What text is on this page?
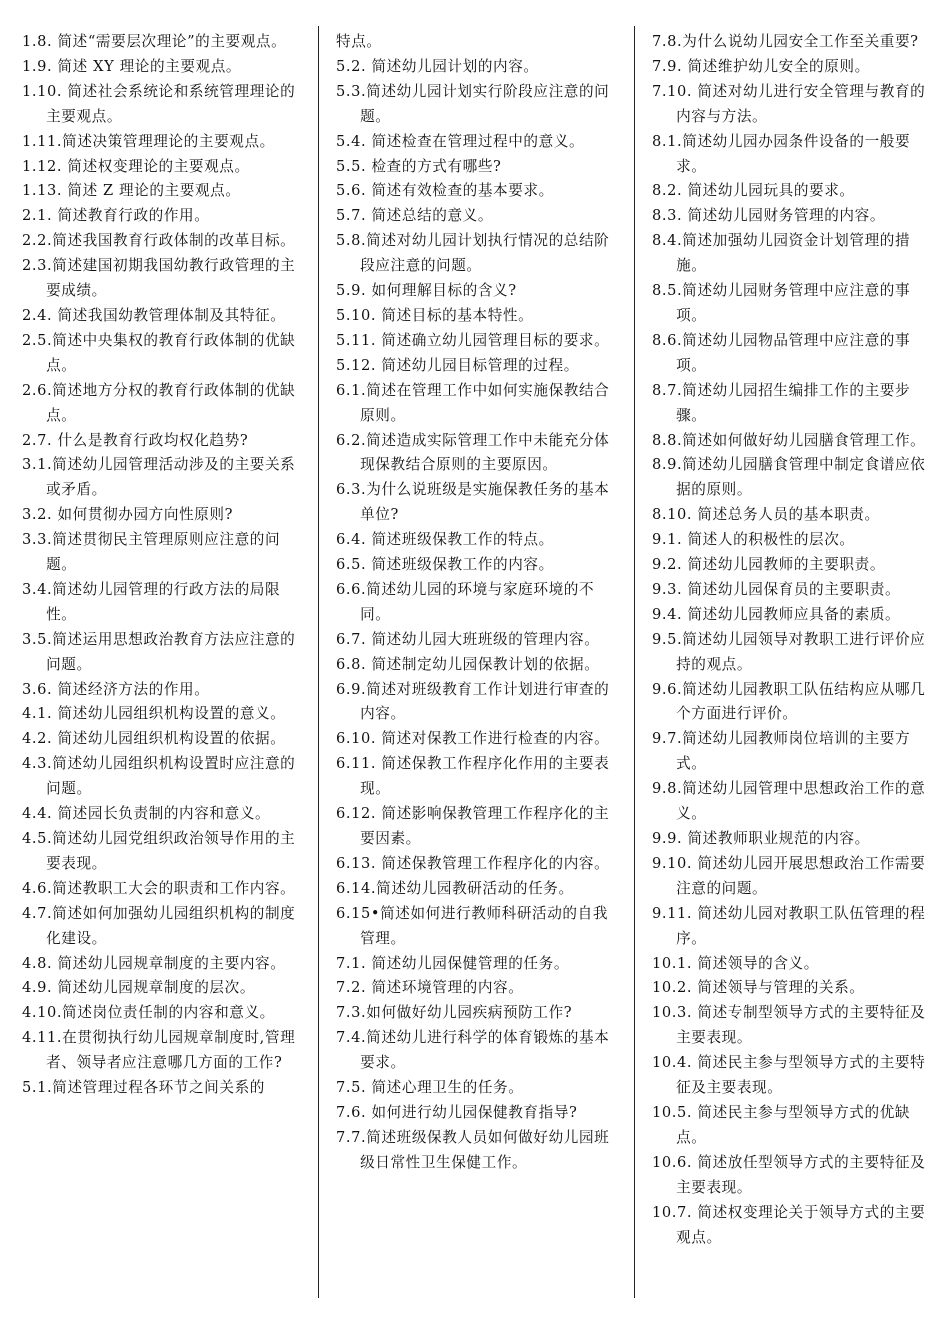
1.8. 简述“需要层次理论”的主要观点。
1.9. 简述 XY 理论的主要观点。
1.10. 简述社会系统论和系统管理理论的主要观点。
1.11.简述决策管理理论的主要观点。
1.12. 简述权变理论的主要观点。
1.13. 简述 Z 理论的主要观点。
2.1. 简述教育行政的作用。
2.2.简述我国教育行政体制的改革目标。
2.3.简述建国初期我国幼教行政管理的主要成绩。
2.4. 简述我国幼教管理体制及其特征。
2.5.简述中央集权的教育行政体制的优缺点。
2.6.简述地方分权的教育行政体制的优缺点。
2.7. 什么是教育行政均权化趋势?
3.1.简述幼儿园管理活动涉及的主要关系或矛盾。
3.2. 如何贯彻办园方向性原则?
3.3.简述贯彻民主管理原则应注意的问题。
3.4.简述幼儿园管理的行政方法的局限性。
3.5.简述运用思想政治教育方法应注意的问题。
3.6. 简述经济方法的作用。
4.1. 简述幼儿园组织机构设置的意义。
4.2. 简述幼儿园组织机构设置的依据。
4.3.简述幼儿园组织机构设置时应注意的问题。
4.4. 简述园长负责制的内容和意义。
4.5.简述幼儿园党组织政治领导作用的主要表现。
4.6.简述教职工大会的职责和工作内容。
4.7.简述如何加强幼儿园组织机构的制度化建设。
4.8. 简述幼儿园规章制度的主要内容。
4.9. 简述幼儿园规章制度的层次。
4.10.简述岗位责任制的内容和意义。
4.11.在贯彻执行幼儿园规章制度时,管理者、领导者应注意哪几方面的工作?
5.1.简述管理过程各环节之间关系的
特点。
5.2. 简述幼儿园计划的内容。
5.3.简述幼儿园计划实行阶段应注意的问题。
5.4. 简述检查在管理过程中的意义。
5.5. 检查的方式有哪些?
5.6. 简述有效检查的基本要求。
5.7. 简述总结的意义。
5.8.简述对幼儿园计划执行情况的总结阶段应注意的问题。
5.9. 如何理解目标的含义?
5.10. 简述目标的基本特性。
5.11. 简述确立幼儿园管理目标的要求。
5.12. 简述幼儿园目标管理的过程。
6.1.简述在管理工作中如何实施保教结合原则。
6.2.简述造成实际管理工作中未能充分体现保教结合原则的主要原因。
6.3.为什么说班级是实施保教任务的基本单位?
6.4. 简述班级保教工作的特点。
6.5. 简述班级保教工作的内容。
6.6.简述幼儿园的环境与家庭环境的不同。
6.7. 简述幼儿园大班班级的管理内容。
6.8. 简述制定幼儿园保教计划的依据。
6.9.简述对班级教育工作计划进行审查的内容。
6.10. 简述对保教工作进行检查的内容。
6.11. 简述保教工作程序化作用的主要表现。
6.12. 简述影响保教管理工作程序化的主要因素。
6.13. 简述保教管理工作程序化的内容。
6.14.简述幼儿园教研活动的任务。
6.15•简述如何进行教师科研活动的自我管理。
7.1. 简述幼儿园保健管理的任务。
7.2. 简述环境管理的内容。
7.3.如何做好幼儿园疾病预防工作?
7.4.简述幼儿进行科学的体育锻炼的基本要求。
7.5. 简述心理卫生的任务。
7.6. 如何进行幼儿园保健教育指导?
7.7.简述班级保教人员如何做好幼儿园班级日常性卫生保健工作。
7.8.为什么说幼儿园安全工作至关重要?
7.9. 简述维护幼儿安全的原则。
7.10. 简述对幼儿进行安全管理与教育的内容与方法。
8.1.简述幼儿园办园条件设备的一般要求。
8.2. 简述幼儿园玩具的要求。
8.3. 简述幼儿园财务管理的内容。
8.4.简述加强幼儿园资金计划管理的措施。
8.5.简述幼儿园财务管理中应注意的事项。
8.6.简述幼儿园物品管理中应注意的事项。
8.7.简述幼儿园招生编排工作的主要步骤。
8.8.简述如何做好幼儿园膳食管理工作。
8.9.简述幼儿园膳食管理中制定食谱应依据的原则。
8.10. 简述总务人员的基本职责。
9.1. 简述人的积极性的层次。
9.2. 简述幼儿园教师的主要职责。
9.3. 简述幼儿园保育员的主要职责。
9.4. 简述幼儿园教师应具备的素质。
9.5.简述幼儿园领导对教职工进行评价应持的观点。
9.6.简述幼儿园教职工队伍结构应从哪几个方面进行评价。
9.7.简述幼儿园教师岗位培训的主要方式。
9.8.简述幼儿园管理中思想政治工作的意义。
9.9. 简述教师职业规范的内容。
9.10. 简述幼儿园开展思想政治工作需要注意的问题。
9.11. 简述幼儿园对教职工队伍管理的程序。
10.1. 简述领导的含义。
10.2. 简述领导与管理的关系。
10.3. 简述专制型领导方式的主要特征及主要表现。
10.4. 简述民主参与型领导方式的主要特征及主要表现。
10.5. 简述民主参与型领导方式的优缺点。
10.6. 简述放任型领导方式的主要特征及主要表现。
10.7. 简述权变理论关于领导方式的主要观点。
